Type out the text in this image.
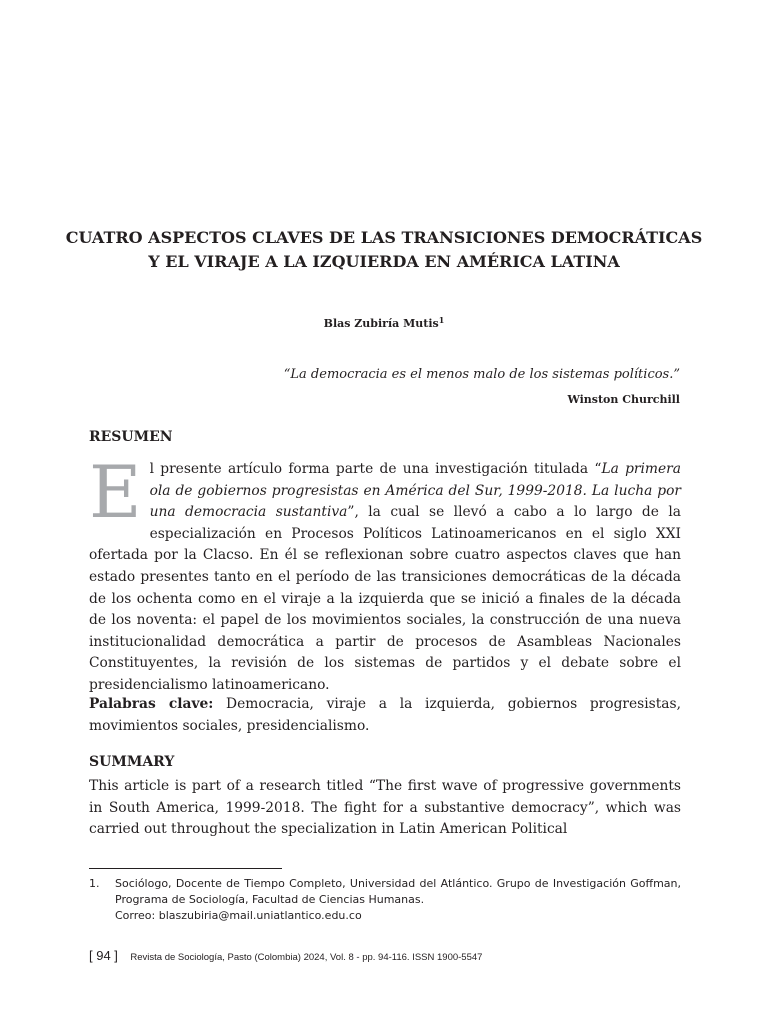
CUATRO ASPECTOS CLAVES DE LAS TRANSICIONES DEMOCRÁTICAS
Y EL VIRAJE A LA IZQUIERDA EN AMÉRICA LATINA
Blas Zubiría Mutis$^1$
“La democracia es el menos malo de los sistemas políticos.”
Winston Churchill
RESUMEN

El presente artículo forma parte de una investigación titulada “La primera ola de gobiernos progresistas en América del Sur, 1999-2018. La lucha por una democracia sustantiva”, la cual se llevó a cabo a lo largo de la especialización en Procesos Políticos Latinoamericanos en el siglo XXI ofertada por la Clacso. En él se reflexionan sobre cuatro aspectos claves que han estado presentes tanto en el período de las transiciones democráticas de la década de los ochenta como en el viraje a la izquierda que se inició a finales de la década de los noventa: el papel de los movimientos sociales, la construcción de una nueva institucionalidad democrática a partir de procesos de Asambleas Nacionales Constituyentes, la revisión de los sistemas de partidos y el debate sobre el presidencialismo latinoamericano.

Palabras clave: Democracia, viraje a la izquierda, gobiernos progresistas, movimientos sociales, presidencialismo.

SUMMARY

This article is part of a research titled “The first wave of progressive governments in South America, 1999-2018. The fight for a substantive democracy”, which was carried out throughout the specialization in Latin American Political

1.	Sociólogo, Docente de Tiempo Completo, Universidad del Atlántico. Grupo de Investigación Goffman, Programa de Sociología, Facultad de Ciencias Humanas.
Correo: blaszubiria@mail.uniatlantico.edu.co
[ 94 ] Revista de Sociología, Pasto (Colombia) 2024, Vol. 8 - pp. 94-116. ISSN 1900-5547
